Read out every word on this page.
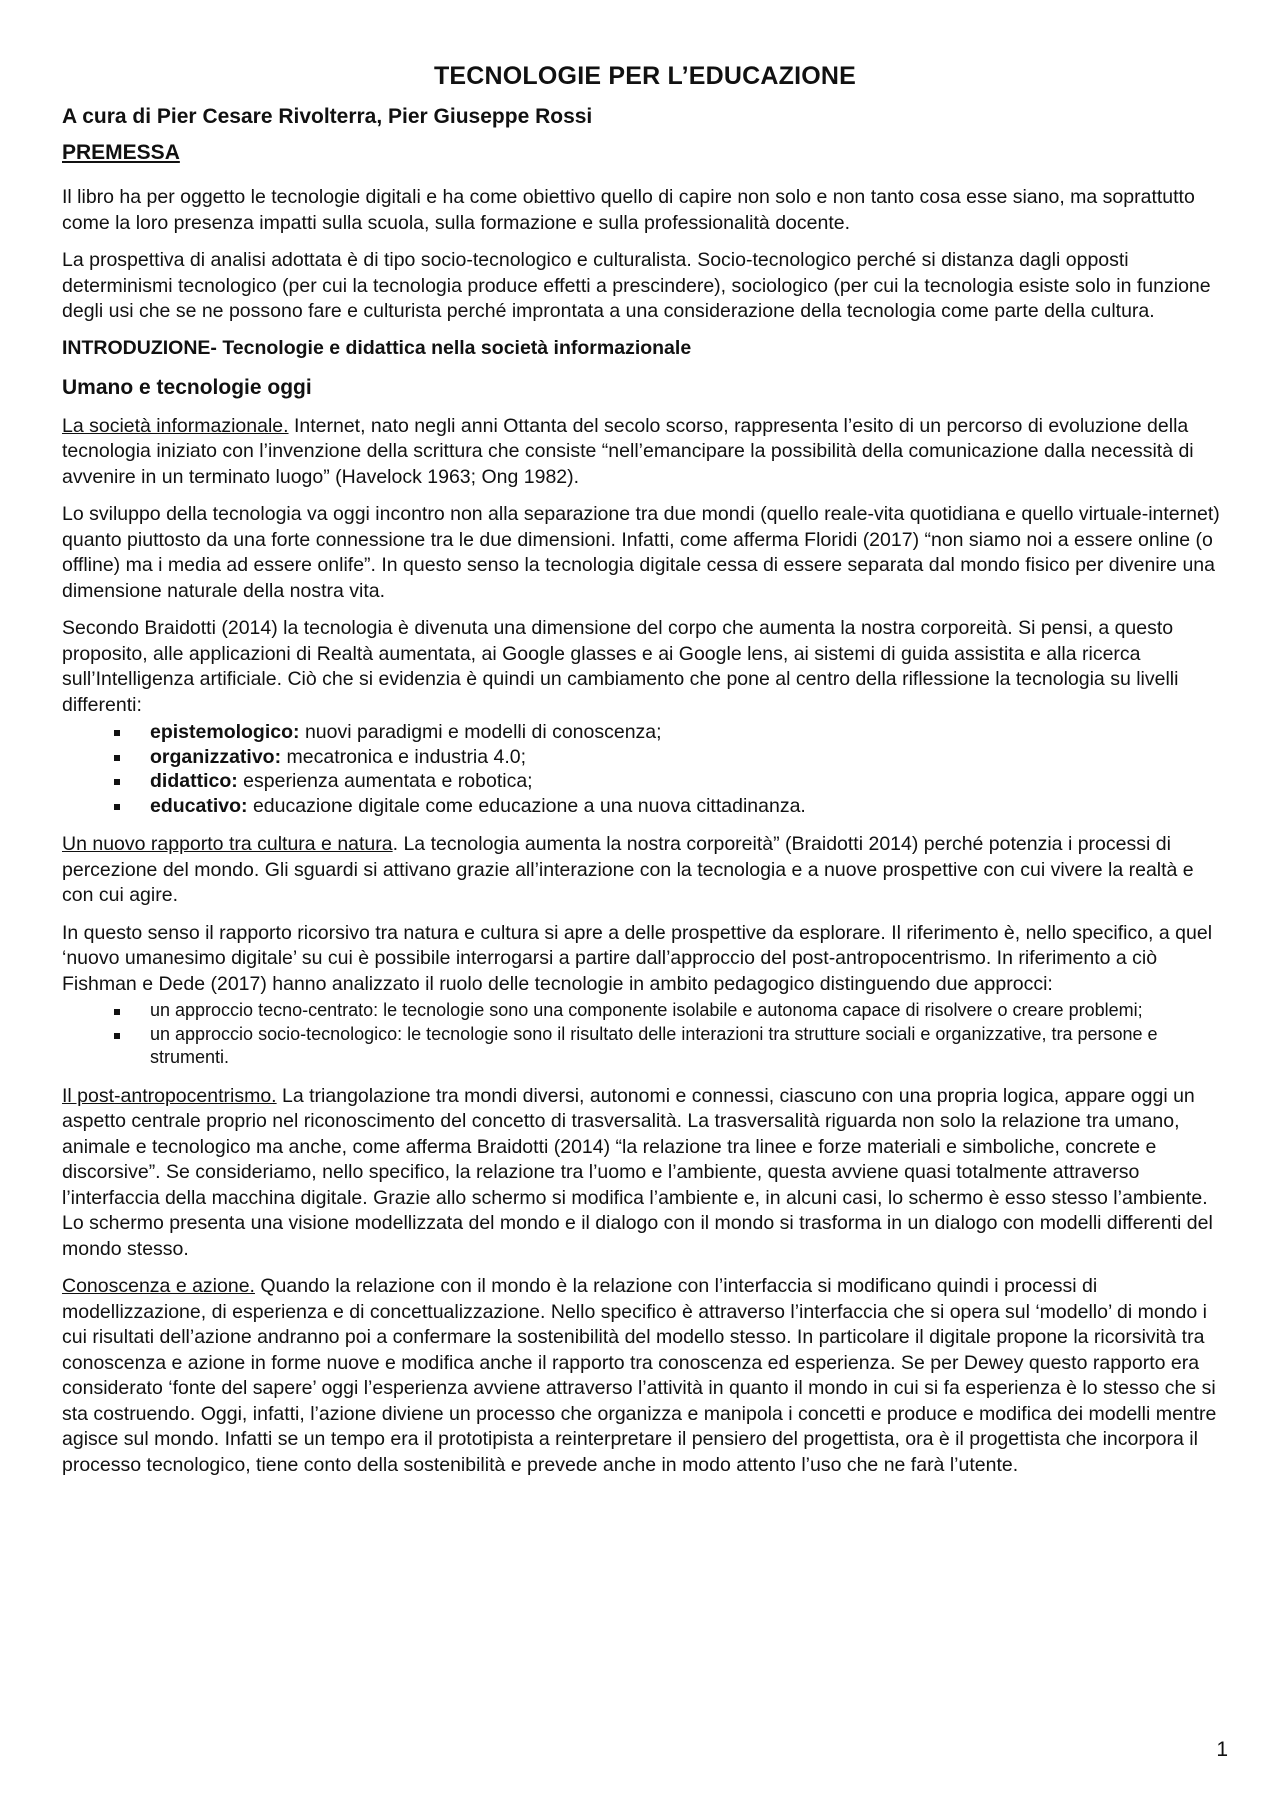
TECNOLOGIE PER L’EDUCAZIONE
A cura di Pier Cesare Rivolterra, Pier Giuseppe Rossi
PREMESSA

Il libro ha per oggetto le tecnologie digitali e ha come obiettivo quello di capire non solo e non tanto cosa esse siano, ma soprattutto come la loro presenza impatti sulla scuola, sulla formazione e sulla professionalità docente.

La prospettiva di analisi adottata è di tipo socio-tecnologico e culturalista. Socio-tecnologico perché si distanza dagli opposti determinismi tecnologico (per cui la tecnologia produce effetti a prescindere), sociologico (per cui la tecnologia esiste solo in funzione degli usi che se ne possono fare e culturista perché improntata a una considerazione della tecnologia come parte della cultura.

INTRODUZIONE- Tecnologie e didattica nella società informazionale
Umano e tecnologie oggi

La società informazionale. Internet, nato negli anni Ottanta del secolo scorso, rappresenta l’esito di un percorso di evoluzione della tecnologia iniziato con l’invenzione della scrittura che consiste “nell’emancipare la possibilità della comunicazione dalla necessità di avvenire in un terminato luogo” (Havelock 1963; Ong 1982).

Lo sviluppo della tecnologia va oggi incontro non alla separazione tra due mondi (quello reale-vita quotidiana e quello virtuale-internet) quanto piuttosto da una forte connessione tra le due dimensioni. Infatti, come afferma Floridi (2017) “non siamo noi a essere online (o offline) ma i media ad essere onlife”. In questo senso la tecnologia digitale cessa di essere separata dal mondo fisico per divenire una dimensione naturale della nostra vita.

Secondo Braidotti (2014) la tecnologia è divenuta una dimensione del corpo che aumenta la nostra corporeità. Si pensi, a questo proposito, alle applicazioni di Realtà aumentata, ai Google glasses e ai Google lens, ai sistemi di guida assistita e alla ricerca sull’Intelligenza artificiale. Ciò che si evidenzia è quindi un cambiamento che pone al centro della riflessione la tecnologia su livelli differenti:

epistemologico: nuovi paradigmi e modelli di conoscenza;
organizzativo: mecatronica e industria 4.0;
didattico: esperienza aumentata e robotica;
educativo: educazione digitale come educazione a una nuova cittadinanza.

Un nuovo rapporto tra cultura e natura. La tecnologia aumenta la nostra corporeità” (Braidotti 2014) perché potenzia i processi di percezione del mondo. Gli sguardi si attivano grazie all’interazione con la tecnologia e a nuove prospettive con cui vivere la realtà e con cui agire.

In questo senso il rapporto ricorsivo tra natura e cultura si apre a delle prospettive da esplorare. Il riferimento è, nello specifico, a quel ‘nuovo umanesimo digitale’ su cui è possibile interrogarsi a partire dall’approccio del post-antropocentrismo. In riferimento a ciò Fishman e Dede (2017) hanno analizzato il ruolo delle tecnologie in ambito pedagogico distinguendo due approcci:

un approccio tecno-centrato: le tecnologie sono una componente isolabile e autonoma capace di risolvere o creare problemi;
un approccio socio-tecnologico: le tecnologie sono il risultato delle interazioni tra strutture sociali e organizzative, tra persone e strumenti.

Il post-antropocentrismo. La triangolazione tra mondi diversi, autonomi e connessi, ciascuno con una propria logica, appare oggi un aspetto centrale proprio nel riconoscimento del concetto di trasversalità. La trasversalità riguarda non solo la relazione tra umano, animale e tecnologico ma anche, come afferma Braidotti (2014) “la relazione tra linee e forze materiali e simboliche, concrete e discorsive”. Se consideriamo, nello specifico, la relazione tra l’uomo e l’ambiente, questa avviene quasi totalmente attraverso l’interfaccia della macchina digitale. Grazie allo schermo si modifica l’ambiente e, in alcuni casi, lo schermo è esso stesso l’ambiente. Lo schermo presenta una visione modellizzata del mondo e il dialogo con il mondo si trasforma in un dialogo con modelli differenti del mondo stesso.

Conoscenza e azione. Quando la relazione con il mondo è la relazione con l’interfaccia si modificano quindi i processi di modellizzazione, di esperienza e di concettualizzazione. Nello specifico è attraverso l’interfaccia che si opera sul ‘modello’ di mondo i cui risultati dell’azione andranno poi a confermare la sostenibilità del modello stesso. In particolare il digitale propone la ricorsività tra conoscenza e azione in forme nuove e modifica anche il rapporto tra conoscenza ed esperienza. Se per Dewey questo rapporto era considerato ‘fonte del sapere’ oggi l’esperienza avviene attraverso l’attività in quanto il mondo in cui si fa esperienza è lo stesso che si sta costruendo. Oggi, infatti, l’azione diviene un processo che organizza e manipola i concetti e produce e modifica dei modelli mentre agisce sul mondo. Infatti se un tempo era il prototipista a reinterpretare il pensiero del progettista, ora è il progettista che incorpora il processo tecnologico, tiene conto della sostenibilità e prevede anche in modo attento l’uso che ne farà l’utente.

1
